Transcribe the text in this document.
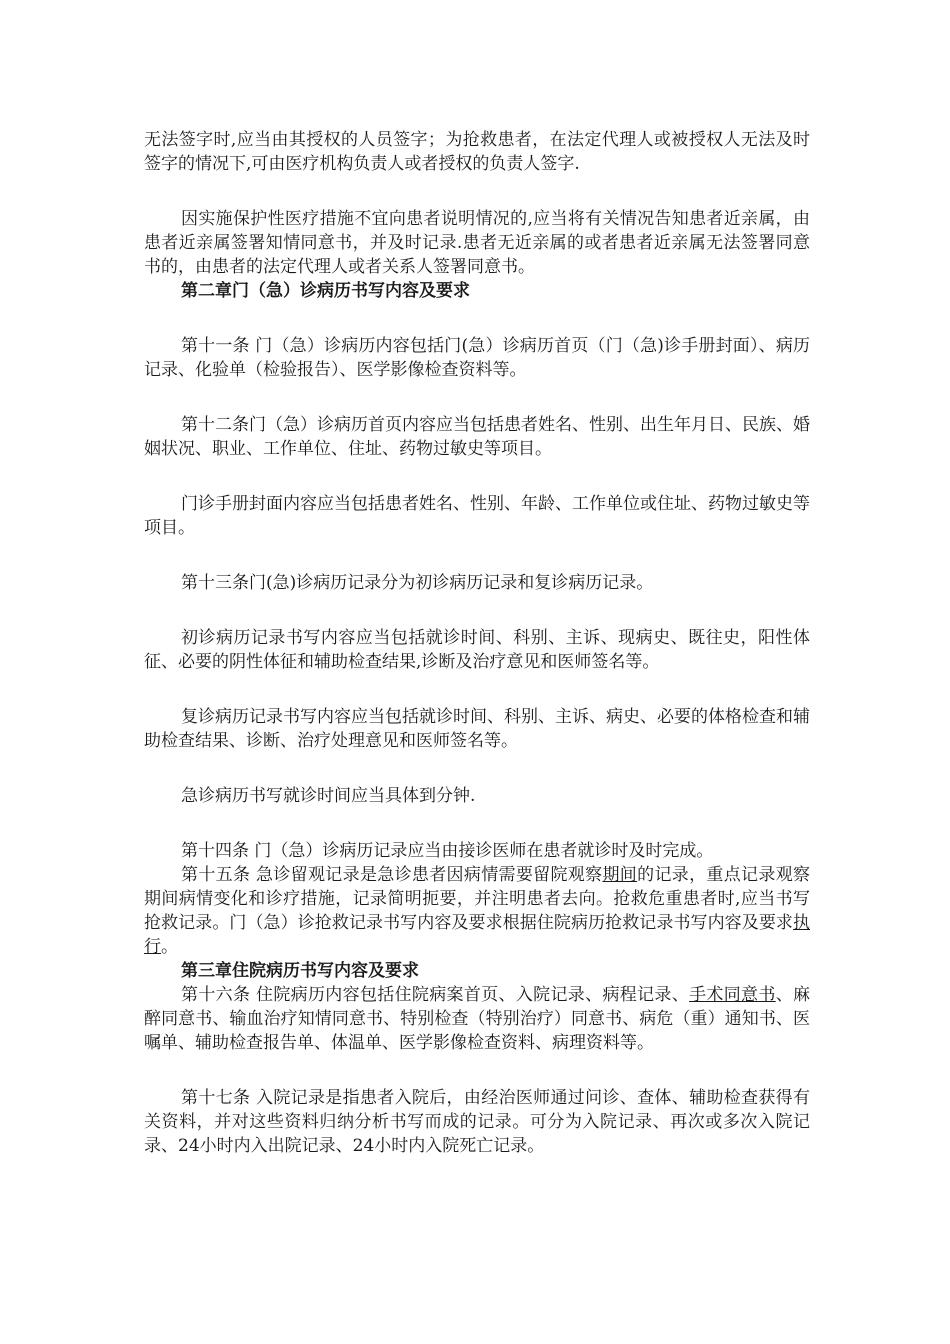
无法签字时,应当由其授权的人员签字；为抢救患者，在法定代理人或被授权人无法及时签字的情况下,可由医疗机构负责人或者授权的负责人签字.

因实施保护性医疗措施不宜向患者说明情况的,应当将有关情况告知患者近亲属，由患者近亲属签署知情同意书，并及时记录.患者无近亲属的或者患者近亲属无法签署同意书的，由患者的法定代理人或者关系人签署同意书。

第二章门（急）诊病历书写内容及要求

第十一条 门（急）诊病历内容包括门(急）诊病历首页（门（急)诊手册封面）、病历记录、化验单（检验报告）、医学影像检查资料等。

第十二条门（急）诊病历首页内容应当包括患者姓名、性别、出生年月日、民族、婚姻状况、职业、工作单位、住址、药物过敏史等项目。

门诊手册封面内容应当包括患者姓名、性别、年龄、工作单位或住址、药物过敏史等项目。

第十三条门(急)诊病历记录分为初诊病历记录和复诊病历记录。

初诊病历记录书写内容应当包括就诊时间、科别、主诉、现病史、既往史，阳性体征、必要的阴性体征和辅助检查结果,诊断及治疗意见和医师签名等。

复诊病历记录书写内容应当包括就诊时间、科别、主诉、病史、必要的体格检查和辅助检查结果、诊断、治疗处理意见和医师签名等。

急诊病历书写就诊时间应当具体到分钟.

第十四条 门（急）诊病历记录应当由接诊医师在患者就诊时及时完成。

第十五条 急诊留观记录是急诊患者因病情需要留院观察期间的记录，重点记录观察期间病情变化和诊疗措施，记录简明扼要，并注明患者去向。抢救危重患者时,应当书写抢救记录。门（急）诊抢救记录书写内容及要求根据住院病历抢救记录书写内容及要求执行。

第三章住院病历书写内容及要求

第十六条 住院病历内容包括住院病案首页、入院记录、病程记录、手术同意书、麻醉同意书、输血治疗知情同意书、特别检查（特别治疗）同意书、病危（重）通知书、医嘱单、辅助检查报告单、体温单、医学影像检查资料、病理资料等。

第十七条 入院记录是指患者入院后，由经治医师通过问诊、查体、辅助检查获得有关资料，并对这些资料归纳分析书写而成的记录。可分为入院记录、再次或多次入院记录、24小时内入出院记录、24小时内入院死亡记录。
